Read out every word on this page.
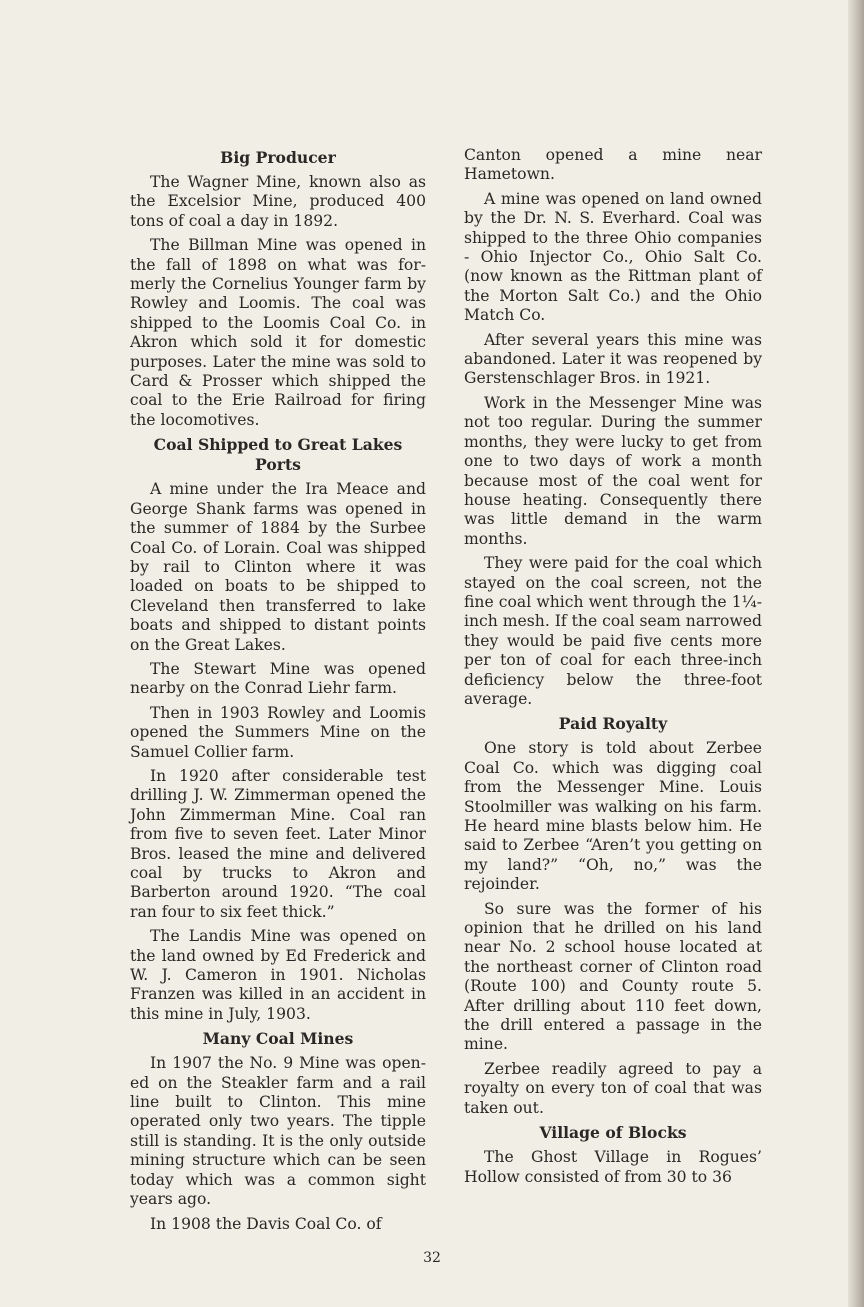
Big Producer

The Wagner Mine, known also as the Excelsior Mine, produced 400 tons of coal a day in 1892.

The Billman Mine was opened in the fall of 1898 on what was formerly the Cornelius Younger farm by Rowley and Loomis. The coal was shipped to the Loomis Coal Co. in Akron which sold it for domestic purposes. Later the mine was sold to Card & Prosser which shipped the coal to the Erie Railroad for firing the locomotives.

Coal Shipped to Great Lakes Ports

A mine under the Ira Meace and George Shank farms was opened in the summer of 1884 by the Surbee Coal Co. of Lorain. Coal was shipped by rail to Clinton where it was loaded on boats to be shipped to Cleveland then transferred to lake boats and shipped to distant points on the Great Lakes.

The Stewart Mine was opened nearby on the Conrad Liehr farm.

Then in 1903 Rowley and Loomis opened the Summers Mine on the Samuel Collier farm.

In 1920 after considerable test drilling J. W. Zimmerman opened the John Zimmerman Mine. Coal ran from five to seven feet. Later Minor Bros. leased the mine and delivered coal by trucks to Akron and Barberton around 1920. “The coal ran four to six feet thick.”

The Landis Mine was opened on the land owned by Ed Frederick and W. J. Cameron in 1901. Nicholas Franzen was killed in an accident in this mine in July, 1903.

Many Coal Mines

In 1907 the No. 9 Mine was opened on the Steakler farm and a rail line built to Clinton. This mine operated only two years. The tipple still is standing. It is the only outside mining structure which can be seen today which was a common sight years ago.

In 1908 the Davis Coal Co. of

Canton opened a mine near Hametown.

A mine was opened on land owned by the Dr. N. S. Everhard. Coal was shipped to the three Ohio companies - Ohio Injector Co., Ohio Salt Co. (now known as the Rittman plant of the Morton Salt Co.) and the Ohio Match Co.

After several years this mine was abandoned. Later it was reopened by Gerstenschlager Bros. in 1921.

Work in the Messenger Mine was not too regular. During the summer months, they were lucky to get from one to two days of work a month because most of the coal went for house heating. Consequently there was little demand in the warm months.

They were paid for the coal which stayed on the coal screen, not the fine coal which went through the 1¼-inch mesh. If the coal seam narrowed they would be paid five cents more per ton of coal for each three-inch deficiency below the three-foot average.

Paid Royalty

One story is told about Zerbee Coal Co. which was digging coal from the Messenger Mine. Louis Stoolmiller was walking on his farm. He heard mine blasts below him. He said to Zerbee “Aren’t you getting on my land?” “Oh, no,” was the rejoinder.

So sure was the former of his opinion that he drilled on his land near No. 2 school house located at the northeast corner of Clinton road (Route 100) and County route 5. After drilling about 110 feet down, the drill entered a passage in the mine.

Zerbee readily agreed to pay a royalty on every ton of coal that was taken out.

Village of Blocks

The Ghost Village in Rogues’ Hollow consisted of from 30 to 36

32
